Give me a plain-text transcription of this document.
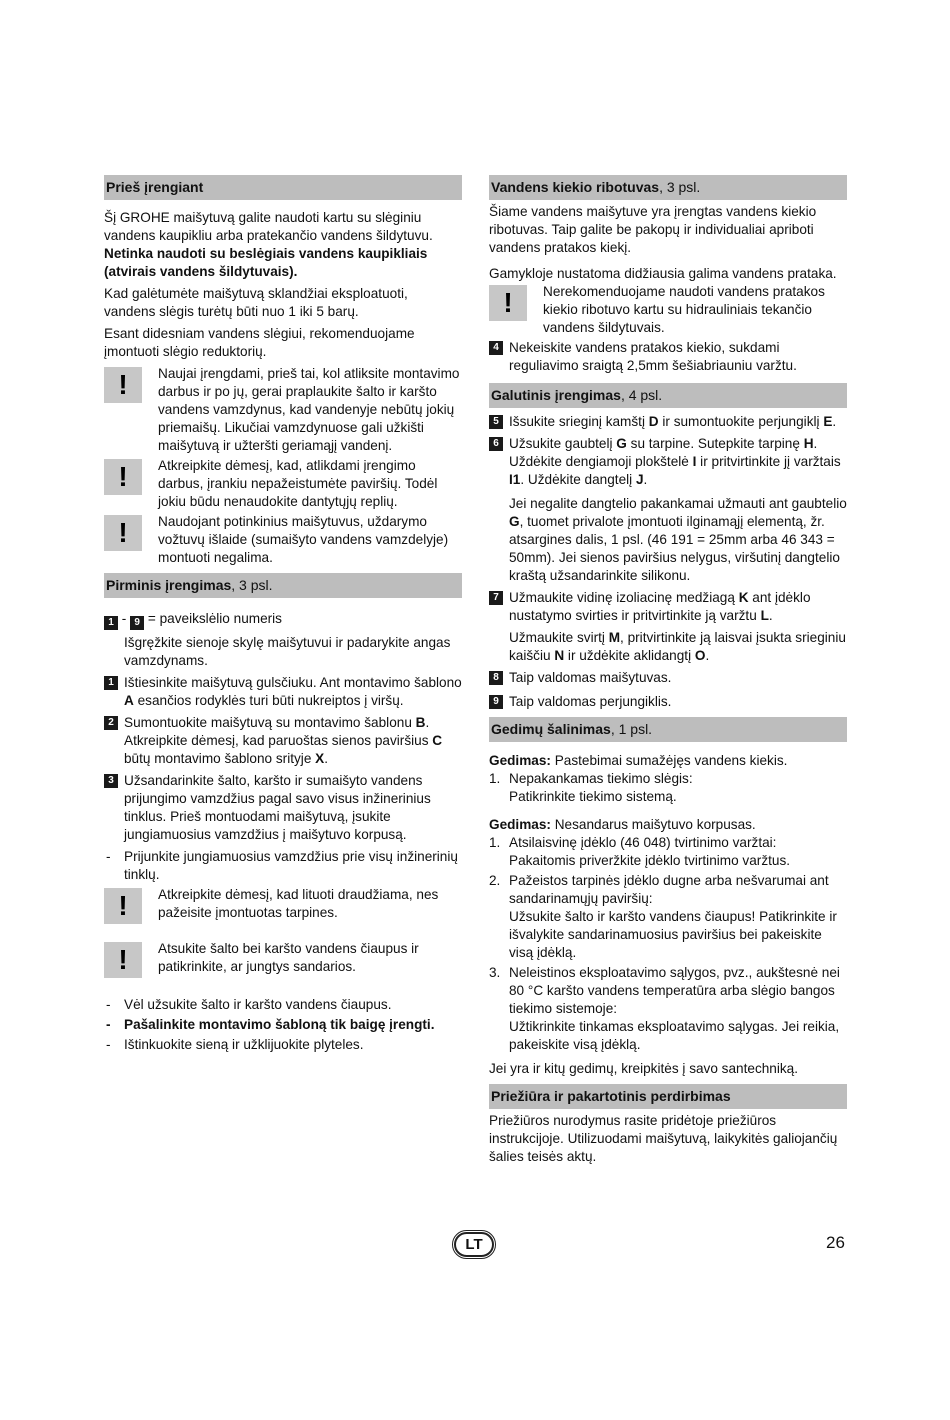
Prieš įrengiant

Šį GROHE maišytuvą galite naudoti kartu su slėginiu vandens kaupikliu arba pratekančio vandens šildytuvu. Netinka naudoti su beslėgiais vandens kaupikliais (atvirais vandens šildytuvais).

Kad galėtumėte maišytuvą sklandžiai eksploatuoti, vandens slėgis turėtų būti nuo 1 iki 5 barų.

Esant didesniam vandens slėgiui, rekomenduojame įmontuoti slėgio reduktorių.

!	Naujai įrengdami, prieš tai, kol atliksite montavimo darbus ir po jų, gerai praplaukite šalto ir karšto vandens vamzdynus, kad vandenyje nebūtų jokių priemaišų. Likučiai vamzdynuose gali užkišti maišytuvą ir užteršti geriamąjį vandenį.
!	Atkreipkite dėmesį, kad, atlikdami įrengimo darbus, įrankiu nepažeistumėte paviršių. Todėl jokiu būdu nenaudokite dantytųjų replių.
!	Naudojant potinkinius maišytuvus, uždarymo vožtuvų išlaide (sumaišyto vandens vamzdelyje) montuoti negalima.
Pirminis įrengimas, 3 psl.
1 - 9 = paveikslėlio numeris

Išgręžkite sienoje skylę maišytuvui ir padarykite angas vamzdynams.

1 Ištiesinkite maišytuvą gulsčiuku. Ant montavimo šablono A esančios rodyklės turi būti nukreiptos į viršų.
2 Sumontuokite maišytuvą su montavimo šablonu B. Atkreipkite dėmesį, kad paruoštas sienos paviršius C būtų montavimo šablono srityje X.
3 Užsandarinkite šalto, karšto ir sumaišyto vandens prijungimo vamzdžius pagal savo visus inžinerinius tinklus. Prieš montuodami maišytuvą, įsukite jungiamuosius vamzdžius į maišytuvo korpusą.
- Prijunkite jungiamuosius vamzdžius prie visų inžinerinių tinklų.
!	Atkreipkite dėmesį, kad lituoti draudžiama, nes pažeisite įmontuotas tarpines.
!	Atsukite šalto bei karšto vandens čiaupus ir patikrinkite, ar jungtys sandarios.
- Vėl užsukite šalto ir karšto vandens čiaupus.
- Pašalinkite montavimo šabloną tik baigę įrengti.
- Ištinkuokite sieną ir užklijuokite plyteles.
Vandens kiekio ribotuvas, 3 psl.

Šiame vandens maišytuve yra įrengtas vandens kiekio ribotuvas. Taip galite be pakopų ir individualiai apriboti vandens pratakos kiekį.

Gamykloje nustatoma didžiausia galima vandens prataka.

!	Nerekomenduojame naudoti vandens pratakos kiekio ribotuvo kartu su hidrauliniais tekančio vandens šildytuvais.
4 Nekeiskite vandens pratakos kiekio, sukdami reguliavimo sraigtą 2,5mm šešiabriauniu varžtu.
Galutinis įrengimas, 4 psl.
5 Išsukite srieginį kamštį D ir sumontuokite perjungiklį E.
6 Užsukite gaubtelį G su tarpine. Sutepkite tarpinę H. Uždėkite dengiamoji plokštelė I ir pritvirtinkite jį varžtais I1. Uždėkite dangtelį J.

Jei negalite dangtelio pakankamai užmauti ant gaubtelio G, tuomet privalote įmontuoti ilginamąjį elementą, žr. atsargines dalis, 1 psl. (46 191 = 25mm arba 46 343 = 50mm). Jei sienos paviršius nelygus, viršutinį dangtelio kraštą užsandarinkite silikonu.

7 Užmaukite vidinę izoliacinę medžiagą K ant įdėklo nustatymo svirties ir pritvirtinkite ją varžtu L.

Užmaukite svirtį M, pritvirtinkite ją laisvai įsukta srieginiu kaiščiu N ir uždėkite aklidangtį O.

8 Taip valdomas maišytuvas.
9 Taip valdomas perjungiklis.
Gedimų šalinimas, 1 psl.

Gedimas: Pastebimai sumažėjęs vandens kiekis.

1. Nepakankamas tiekimo slėgis:
Patikrinkite tiekimo sistemą.

Gedimas: Nesandarus maišytuvo korpusas.

1. Atsilaisvinę įdėklo (46 048) tvirtinimo varžtai:
Pakaitomis priveržkite įdėklo tvirtinimo varžtus.
2. Pažeistos tarpinės įdėklo dugne arba nešvarumai ant sandarinamųjų paviršių:
Užsukite šalto ir karšto vandens čiaupus! Patikrinkite ir išvalykite sandarinamuosius paviršius bei pakeiskite visą įdėklą.
3. Neleistinos eksploatavimo sąlygos, pvz., aukštesnė nei 80 °C karšto vandens temperatūra arba slėgio bangos tiekimo sistemoje:
Užtikrinkite tinkamas eksploatavimo sąlygas. Jei reikia, pakeiskite visą įdėklą.

Jei yra ir kitų gedimų, kreipkitės į savo santechniką.

Priežiūra ir pakartotinis perdirbimas

Priežiūros nurodymus rasite pridėtoje priežiūros instrukcijoje. Utilizuodami maišytuvą, laikykitės galiojančių šalies teisės aktų.

LT	26
